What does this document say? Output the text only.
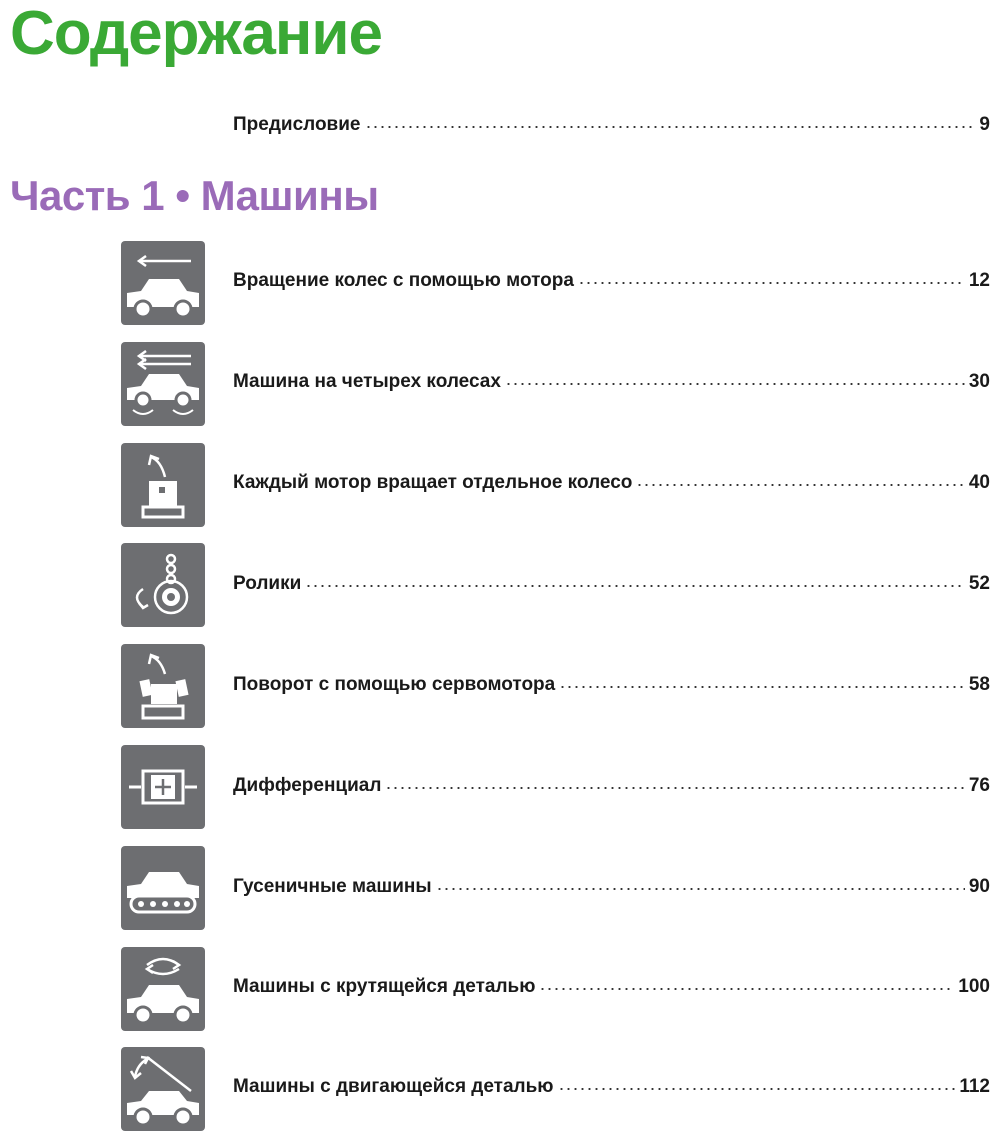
Содержание
Предисловие	9
Часть 1 • Машины
Вращение колес с помощью мотора	12
Машина на четырех колесах	30
Каждый мотор вращает отдельное колесо	40
Ролики	52
Поворот с помощью сервомотора	58
Дифференциал	76
Гусеничные машины	90
Машины с крутящейся деталью	100
Машины с двигающейся деталью	112
